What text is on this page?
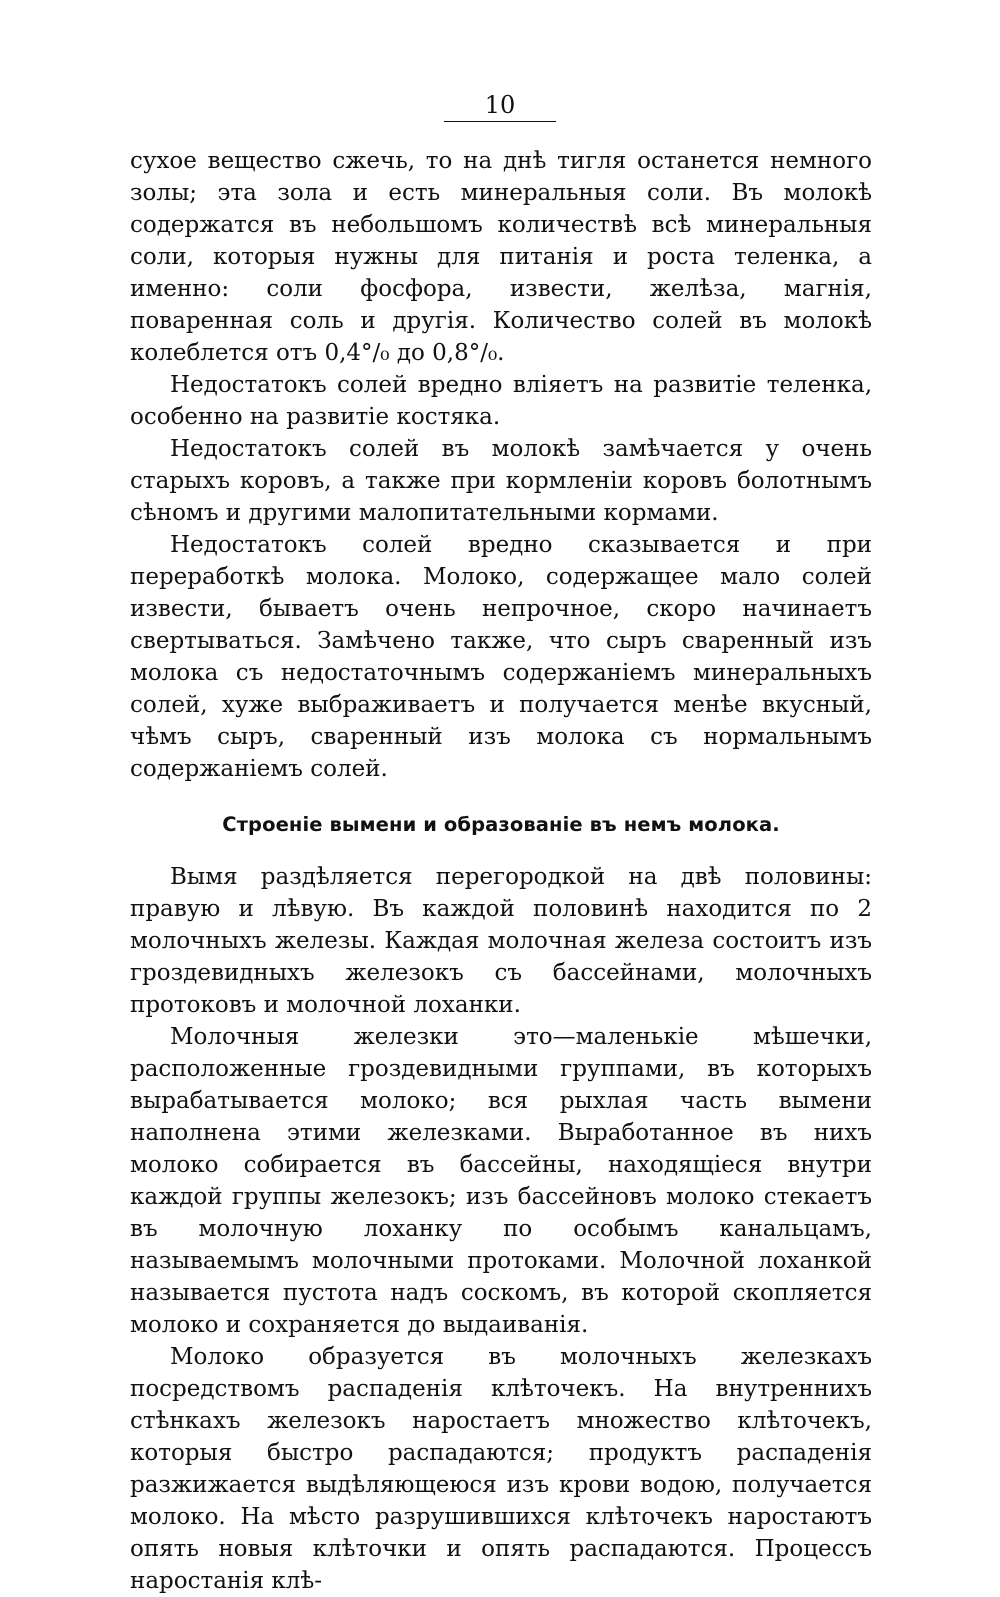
10

сухое вещество сжечь, то на днѣ тигля останется немного золы; эта зола и есть минеральныя соли. Въ молокѣ содержатся въ небольшомъ количествѣ всѣ минеральныя соли, которыя нужны для питанія и роста теленка, а именно: соли фосфора, извести, желѣза, магнія, поваренная соль и другія. Количество солей въ молокѣ колеблется отъ 0,4°/₀ до 0,8°/₀.

Недостатокъ солей вредно вліяетъ на развитіе теленка, особенно на развитіе костяка.

Недостатокъ солей въ молокѣ замѣчается у очень старыхъ коровъ, а также при кормленіи коровъ болотнымъ сѣномъ и другими малопитательными кормами.

Недостатокъ солей вредно сказывается и при переработкѣ молока. Молоко, содержащее мало солей извести, бываетъ очень непрочное, скоро начинаетъ свертываться. Замѣчено также, что сыръ сваренный изъ молока съ недостаточнымъ содержаніемъ минеральныхъ солей, хуже выбраживаетъ и получается менѣе вкусный, чѣмъ сыръ, сваренный изъ молока съ нормальнымъ содержаніемъ солей.

Строеніе вымени и образованіе въ немъ молока.

Вымя раздѣляется перегородкой на двѣ половины: правую и лѣвую. Въ каждой половинѣ находится по 2 молочныхъ железы. Каждая молочная железа состоитъ изъ гроздевидныхъ железокъ съ бассейнами, молочныхъ протоковъ и молочной лоханки.

Молочныя железки это—маленькіе мѣшечки, расположенные гроздевидными группами, въ которыхъ вырабатывается молоко; вся рыхлая часть вымени наполнена этими железками. Выработанное въ нихъ молоко собирается въ бассейны, находящіеся внутри каждой группы железокъ; изъ бассейновъ молоко стекаетъ въ молочную лоханку по особымъ канальцамъ, называемымъ молочными протоками. Молочной лоханкой называется пустота надъ соскомъ, въ которой скопляется молоко и сохраняется до выдаиванія.

Молоко образуется въ молочныхъ железкахъ посредствомъ распаденія клѣточекъ. На внутреннихъ стѣнкахъ железокъ наростаетъ множество клѣточекъ, которыя быстро распадаются; продуктъ распаденія разжижается выдѣляющеюся изъ крови водою, получается молоко. На мѣсто разрушившихся клѣточекъ наростаютъ опять новыя клѣточки и опять распадаются. Процессъ наростанія клѣ-
